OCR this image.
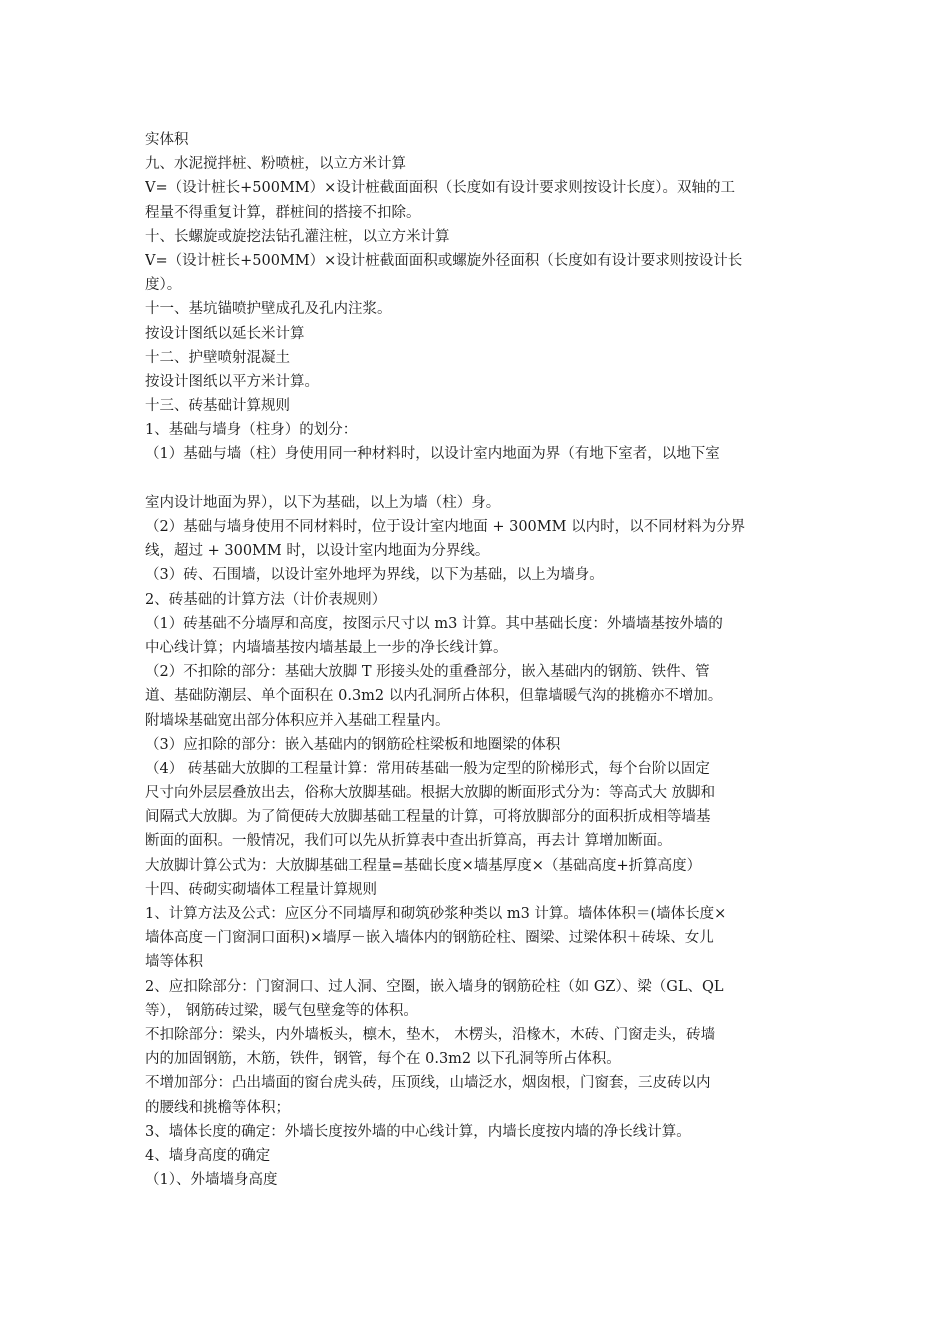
实体积
九、水泥搅拌桩、粉喷桩，以立方米计算
V=（设计桩长+500MM）×设计桩截面面积（长度如有设计要求则按设计长度）。双轴的工
程量不得重复计算，群桩间的搭接不扣除。
十、长螺旋或旋挖法钻孔灌注桩，以立方米计算
V=（设计桩长+500MM）×设计桩截面面积或螺旋外径面积（长度如有设计要求则按设计长
度）。
十一、基坑锚喷护壁成孔及孔内注浆。
按设计图纸以延长米计算
十二、护壁喷射混凝土
按设计图纸以平方米计算。
十三、砖基础计算规则
1、基础与墙身（柱身）的划分：
（1）基础与墙（柱）身使用同一种材料时，以设计室内地面为界（有地下室者，以地下室
室内设计地面为界），以下为基础，以上为墙（柱）身。
（2）基础与墙身使用不同材料时，位于设计室内地面 + 300MM 以内时，以不同材料为分界
线，超过 + 300MM 时，以设计室内地面为分界线。
（3）砖、石围墙，以设计室外地坪为界线，以下为基础，以上为墙身。
2、砖基础的计算方法（计价表规则）
（1）砖基础不分墙厚和高度，按图示尺寸以 m3 计算。其中基础长度：外墙墙基按外墙的
中心线计算；内墙墙基按内墙基最上一步的净长线计算。
（2）不扣除的部分：基础大放脚 T 形接头处的重叠部分，嵌入基础内的钢筋、铁件、管
道、基础防潮层、单个面积在 0.3m2 以内孔洞所占体积，但靠墙暖气沟的挑檐亦不增加。
附墙垛基础宽出部分体积应并入基础工程量内。
（3）应扣除的部分：嵌入基础内的钢筋砼柱梁板和地圈梁的体积
（4） 砖基础大放脚的工程量计算：常用砖基础一般为定型的阶梯形式，每个台阶以固定
尺寸向外层层叠放出去，俗称大放脚基础。根据大放脚的断面形式分为：等高式大 放脚和
间隔式大放脚。为了简便砖大放脚基础工程量的计算，可将放脚部分的面积折成相等墙基
断面的面积。一般情况，我们可以先从折算表中查出折算高，再去计 算增加断面。
大放脚计算公式为：大放脚基础工程量=基础长度×墙基厚度×（基础高度+折算高度）
十四、砖砌实砌墙体工程量计算规则
1、计算方法及公式：应区分不同墙厚和砌筑砂浆种类以 m3 计算。墙体体积＝(墙体长度×
墙体高度－门窗洞口面积)×墙厚－嵌入墙体内的钢筋砼柱、圈梁、过梁体积＋砖垛、女儿
墙等体积
2、应扣除部分：门窗洞口、过人洞、空圈，嵌入墙身的钢筋砼柱（如 GZ）、梁（GL、QL
等）， 钢筋砖过梁，暖气包壁龛等的体积。
不扣除部分：梁头，内外墙板头，檩木，垫木， 木楞头，沿椽木，木砖、门窗走头，砖墙
内的加固钢筋，木筋，铁件，钢管，每个在 0.3m2 以下孔洞等所占体积。
不增加部分：凸出墙面的窗台虎头砖，压顶线，山墙泛水，烟囱根，门窗套，三皮砖以内
的腰线和挑檐等体积；
3、墙体长度的确定：外墙长度按外墙的中心线计算，内墙长度按内墙的净长线计算。
4、墙身高度的确定
（1）、外墙墙身高度
